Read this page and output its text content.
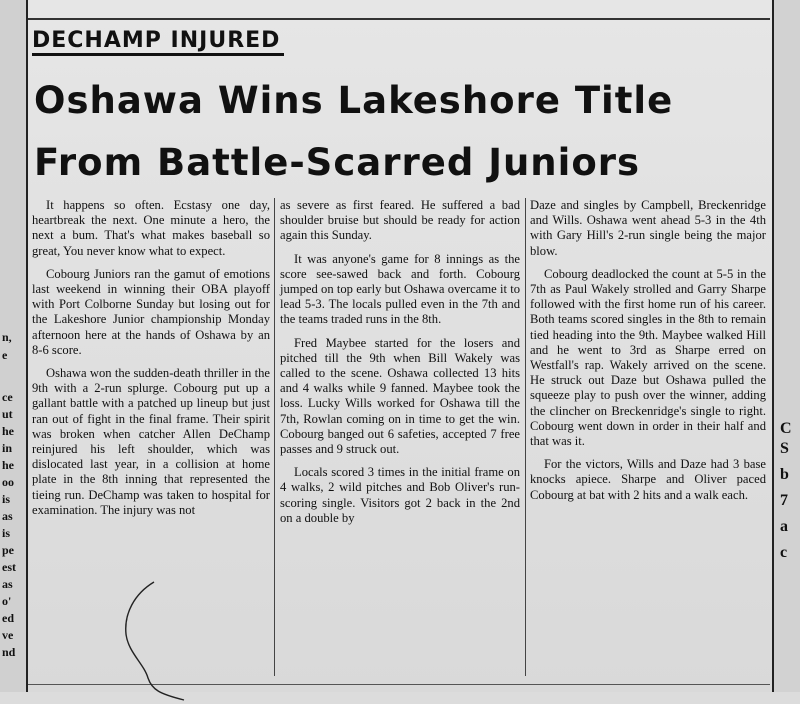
n,
e
ce
ut
he
in
he
oo
is
as
is
pe
est
as
o'
ed
ve
nd
C
S
b
7
a
c
DECHAMP INJURED
Oshawa Wins Lakeshore Title
From Battle-Scarred Juniors

It happens so often. Ecstasy one day, heartbreak the next. One minute a hero, the next a bum. That's what makes baseball so great, You never know what to expect.

Cobourg Juniors ran the gamut of emotions last weekend in winning their OBA playoff with Port Colborne Sunday but losing out for the Lakeshore Junior championship Monday afternoon here at the hands of Oshawa by an 8-6 score.

Oshawa won the sudden-death thriller in the 9th with a 2-run splurge. Cobourg put up a gallant battle with a patched up lineup but just ran out of fight in the final frame. Their spirit was broken when catcher Allen DeChamp reinjured his left shoulder, which was dislocated last year, in a collision at home plate in the 8th inning that represented the tieing run. DeChamp was taken to hospital for examination. The injury was not

as severe as first feared. He suffered a bad shoulder bruise but should be ready for action again this Sunday.

It was anyone's game for 8 innings as the score see-sawed back and forth. Cobourg jumped on top early but Oshawa overcame it to lead 5-3. The locals pulled even in the 7th and the teams traded runs in the 8th.

Fred Maybee started for the losers and pitched till the 9th when Bill Wakely was called to the scene. Oshawa collected 13 hits and 4 walks while 9 fanned. Maybee took the loss. Lucky Wills worked for Oshawa till the 7th, Rowlan coming on in time to get the win. Cobourg banged out 6 safeties, accepted 7 free passes and 9 struck out.

Locals scored 3 times in the initial frame on 4 walks, 2 wild pitches and Bob Oliver's run-scoring single. Visitors got 2 back in the 2nd on a double by

Daze and singles by Campbell, Breckenridge and Wills. Oshawa went ahead 5-3 in the 4th with Gary Hill's 2-run single being the major blow.

Cobourg deadlocked the count at 5-5 in the 7th as Paul Wakely strolled and Garry Sharpe followed with the first home run of his career. Both teams scored singles in the 8th to remain tied heading into the 9th. Maybee walked Hill and he went to 3rd as Sharpe erred on Westfall's rap. Wakely arrived on the scene. He struck out Daze but Oshawa pulled the squeeze play to push over the winner, adding the clincher on Breckenridge's single to right. Cobourg went down in order in their half and that was it.

For the victors, Wills and Daze had 3 base knocks apiece. Sharpe and Oliver paced Cobourg at bat with 2 hits and a walk each.
